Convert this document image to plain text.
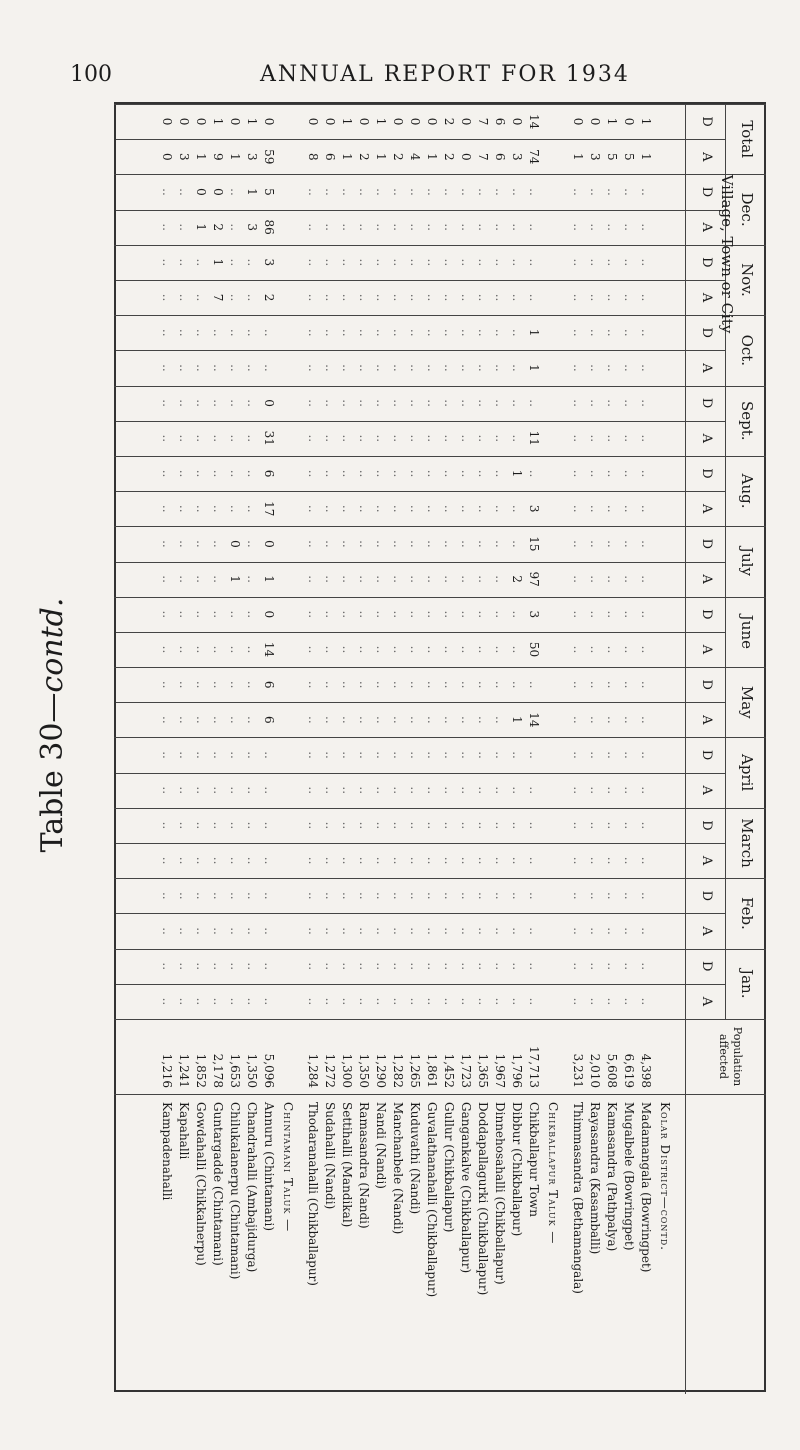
100	ANNUAL REPORT FOR 1934
Table 30—contd.
Jan.
A
D
Feb.
A
D
March
A
D
April
A
D
May
A
D
June
A
D
July
A
D
Aug.
A
D
Sept.
A
D
Oct.
A
D
Nov.
A
D
Dec.
A
D
Total
A
D
Village, Town or City
Population affected
Kolar District—contd.
Madamangala (Bowringpet)
4,398
..
..
..
..
..
..
..
..
..
..
..
..
..
..
..
..
..
..
..
..
..
..
..
..
1
1
Mugalbele (Bowringpet)
6,619
..
..
..
..
..
..
..
..
..
..
..
..
..
..
..
..
..
..
..
..
..
..
..
..
5
0
Kamasandra (Pathpalya)
5,608
..
..
..
..
..
..
..
..
..
..
..
..
..
..
..
..
..
..
..
..
..
..
..
..
5
1
Rayasandra (Kasamballi)
2,010
..
..
..
..
..
..
..
..
..
..
..
..
..
..
..
..
..
..
..
..
..
..
..
..
3
0
Thimmasandra (Bethamangala)
3,231
..
..
..
..
..
..
..
..
..
..
..
..
..
..
..
..
..
..
..
..
..
..
..
..
1
0
Chikballapur Taluk —
Chikballapur Town
17,713
..
..
..
..
..
..
..
..
14
..
50
3
97
15
3
..
11
..
1
1
..
..
..
..
74
14
Dibbur (Chikballapur)
1,796
..
..
..
..
..
..
..
..
1
..
..
..
2
..
..
1
..
..
..
..
..
..
..
..
3
0
Dinnehosahalli (Chikballapur)
1,967
..
..
..
..
..
..
..
..
..
..
..
..
..
..
..
..
..
..
..
..
..
..
..
..
6
6
Doddapallagurki (Chikballapur)
1,365
..
..
..
..
..
..
..
..
..
..
..
..
..
..
..
..
..
..
..
..
..
..
..
..
7
7
Gangankalve (Chikballapur)
1,723
..
..
..
..
..
..
..
..
..
..
..
..
..
..
..
..
..
..
..
..
..
..
..
..
0
0
Gullur (Chikballapur)
1,452
..
..
..
..
..
..
..
..
..
..
..
..
..
..
..
..
..
..
..
..
..
..
..
..
2
2
Guvalathanahalli (Chikballapur)
1,861
..
..
..
..
..
..
..
..
..
..
..
..
..
..
..
..
..
..
..
..
..
..
..
..
1
0
Kuduvathi (Nandi)
1,265
..
..
..
..
..
..
..
..
..
..
..
..
..
..
..
..
..
..
..
..
..
..
..
..
4
0
Manchanbele (Nandi)
1,282
..
..
..
..
..
..
..
..
..
..
..
..
..
..
..
..
..
..
..
..
..
..
..
..
2
0
Nandi (Nandi)
1,290
..
..
..
..
..
..
..
..
..
..
..
..
..
..
..
..
..
..
..
..
..
..
..
..
1
1
Ramasandra (Nandi)
1,350
..
..
..
..
..
..
..
..
..
..
..
..
..
..
..
..
..
..
..
..
..
..
..
..
2
0
Settihalli (Mandikal)
1,300
..
..
..
..
..
..
..
..
..
..
..
..
..
..
..
..
..
..
..
..
..
..
..
..
1
1
Sudahalli (Nandi)
1,272
..
..
..
..
..
..
..
..
..
..
..
..
..
..
..
..
..
..
..
..
..
..
..
..
6
0
Thodaranahalli (Chikballapur)
1,284
..
..
..
..
..
..
..
..
..
..
..
..
..
..
..
..
..
..
..
..
..
..
..
..
8
0
Chintamani Taluk —
Annuru (Chintamani)
5,096
..
..
..
..
..
..
..
..
6
6
14
0
1
0
17
6
31
0
..
..
2
3
86
5
59
0
Chandrahalli (Ambajidurga)
1,350
..
..
..
..
..
..
..
..
..
..
..
..
..
..
..
..
..
..
..
..
..
..
3
1
3
1
Chilukalanerpu (Chintamani)
1,653
..
..
..
..
..
..
..
..
..
..
..
..
1
0
..
..
..
..
..
..
..
..
..
..
1
0
Guntargadde (Chintamani)
2,178
..
..
..
..
..
..
..
..
..
..
..
..
..
..
..
..
..
..
..
..
7
1
2
0
9
1
Gowdahalli (Chikkalnerpu)
1,852
..
..
..
..
..
..
..
..
..
..
..
..
..
..
..
..
..
..
..
..
..
..
1
0
1
0
Kapahalli
1,241
..
..
..
..
..
..
..
..
..
..
..
..
..
..
..
..
..
..
..
..
..
..
..
..
3
0
Kampadenahalli
1,216
..
..
..
..
..
..
..
..
..
..
..
..
..
..
..
..
..
..
..
..
..
..
..
..
0
0
